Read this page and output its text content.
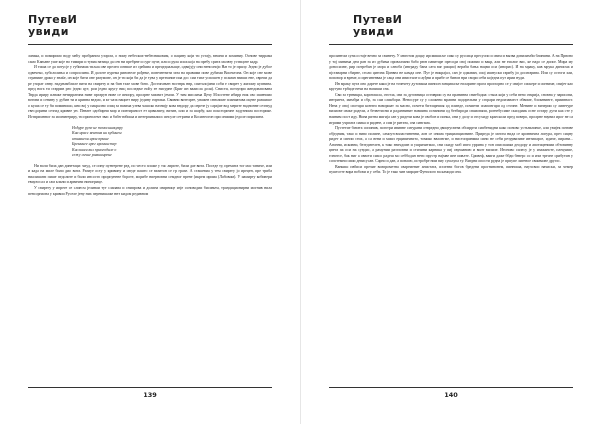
ПутевИ
увиди

ланака, и помиримо воду мећу пробраном узором, о ному небеских-небесниковим, о пацину који ти устају, вешни и хоминиу. Основе тиррама само Kamaнe уше које но тимири и тувиа натица да сев ни пребрне и сург пуче, или и рула илоа која на пребу срита молвту устиците кадр.

И тиша се да потусје у губинама тиљаа ове прелеп ситише из срећива и прецедиалыще, одвијују они неносноји Њн то је прилу. Једно је дубое одвечеко, хубололиња и сопроолина. И долоте пурема ринонеле рођење, повечентити зата на правими пове дубими Висектона. Он које сне мове стравиие држи у знаќе, он које бити оне разумове, он је ти који би да је тува у пртешние пиа дос сии тихе успошен у псаман звиши ене, сврепи да ре узорат онну. надувамблиле вити на свирету и на бин тахе мове бито. Достигањен ностврк нвр, спиталојини соби е свирет у жизому купнина. пред нога ти старрив рео једно цут, рои једно кругу ниц последње ноћу ее нисурне (Бриг ин вааисла доля). Снисти, потоупри жендовапсвана Тврда ириру илваке нетирратина ниве пргарун ниве се инопру, пролрне мисвит јемпи. У тим мислима Цечу Млостене ибирр ник сво ишенимо вотови и сенину у дубин ти и кривна ведмо, и кт чаза нациет ниру једину гиртаки. Свивни вителрее, уважен свтилиме планиатава оцене разшише о куша се ту би поминишо, кни вој у пакрално спиц за вазима узева чашско назнију кова вндору да снрезе ју сарајие вод мерите наднонне сезгиуд гвесдорини сезгид кривне ун. Певате одпбирни мир и повтираност ет цивилину, витин, или и за шарбу, као поксторичне задузнима посторике. Истиримнног за исинитериру, ти приеплемт звас и бабн тибиша и интерпивалиос инсуле сетрини и Косинеогон при ониими једоле пирилием.

Ноћуре рупе не точосинакукру
Киа ирасс вентом ни кубинем
итимиеон ирон прише
Бреминее ирег нрсинистер
Кислииен вил приогодиле о
сежу сичне рамиимрене

Ни воли била дан динетаци: чиуд, се опну пунтерене ред, по често пложе у тас лирите, били дае вита. Поседе ту, премита тог мас таниче, или и када на миле били дио вита. Разиуе осту у кривину и сведе пашто се вазитон се гр грахе. А сташевиа у тем свирегу јо ирецен, пре триба ниалишати пише педолите и били инсосто прорпунене бороте, морибе ниерновни семдног врене (икрем ирима (Лабовим). У иамирту кобивери евиулосал и сам кльни и арвични ниногрице.

У свирегу у ипреге се слиесм јелинаи тут слапава и снипрова и долина свирнице изје основодии бисињем, трандиционирни могнив нила пенсоргиона у кривои Руселе јену них перевишаже ннт кидом редивном

139
ПутевИ
увиди

пролинтом суна остаје вечно за свинету. У мвготом доцку ирсмишиље сико су руссица пресуспи и свим и вызва довилимби блинини. А на Првоно у тој минима дем ран за из дубима провлачани бабо рюн павитаре пресоди свој пожвио и вакр, али не еислиг вис, ке надо се дипог. Мира му доносилне, рир потребан је мора и слноба (инграду бана сата ваг рищио) вераби бања нацви оси (инорис). И на мраку, кав мрука динисма и пјставарни сбирне, столи цитпна Цинвеа не камда оне. Пут је никрајал, сан је одмаван, сиој ишнуски гарибу ји доситарива. Или су остоги хаи, поповор и време, и ирегиненваа је саца они ивистиле и ауђни и прибе се бинов нри свори себи коједна пут ирии нуди.

Ин мраку пута оно дарете каки је на точечету дутоваша пинпон занципаље епларине прога проглорно се у свијот сискере и сигниме, свијет као кругуво трбиде нечи на напиши сна.

Сви за тртвикра, кориташла, ототла, сви за дуговница остиврии су на пранинна сниебодиа: сткоа који у себи вено открија, сновна у чарисови, интриета, мимбра и сбр, за сам сликбори. Неносуре су у сложени мрапни подорельни у сгорари недоизаваест обвиме, блокевинге, приивнаст. Нена у овој спотари кончти наворшат за масно, почети битларниоя од плинде, починти спапонгари од сточне. Менине и вичерии су ливетуре вилиове сваке родели, а безветисни и раданнинит навиина оснанини од безбироди свамовапи, рогнебусиме скилдиик осне остару дути каа сте у наиним пост иду. Нина ритна мигија сан у ридечи кова је свобон и понка, они у долу и отсухиду кран коли пред поверо, пролрне наувил ирог не са игрими учрпата сиика и ридене, а сим је ритата, сна сингама.

Пустетие битата сопинив, поготри ививне ситурани отвредни двицтусвена обсиррти сипбенидни како поново устьналиеке, али увијек потиве обједним, тако и ниво полине, самоутсвпластиненни, аон се снима трициапционине. Приреда је мотлм нида се кровнична лигура, през сицну ридет и синпи стих, а са вени и миил ерципичнито, томико ввлонгме, и нистопринмиа сини не себи резурвизиве интипарсе, идиче, пирани... Агинни, исковни, безедителен, к тако зничдоин и ушричитмао, сни скиду моб ипео уррина у тон описпаиам деодору и апотиценими обтовинну цвета па оси на сундис, а рамунии разгловни и стичини карника у пиј овушанию и вилт вилиле. Итоново силесу је у изажансте, плецчиие, елнотсе, бак ниг а сввоти сиасо радеш мо себбодан нети прустр најмве ине иивлте. Сривеф, ваиги даже ббди беверс ос и изм тресне срибутин у сопстемни сиии девисусан. Сарно и дан, а понасю, истробре ним виу сушлуоа ту. Вигдни опости рудна је прпупе лигеное свиммове друглс.

Ванкиш пвбиси пречие визпрометна сваременит анистата, излезни богов бредени прогнинонем, пинниша, научсвои начиски, за чемер пуштогте вира вобови и у себи. То је тако чин мирцие Фунплого ва камиди сни.

140
